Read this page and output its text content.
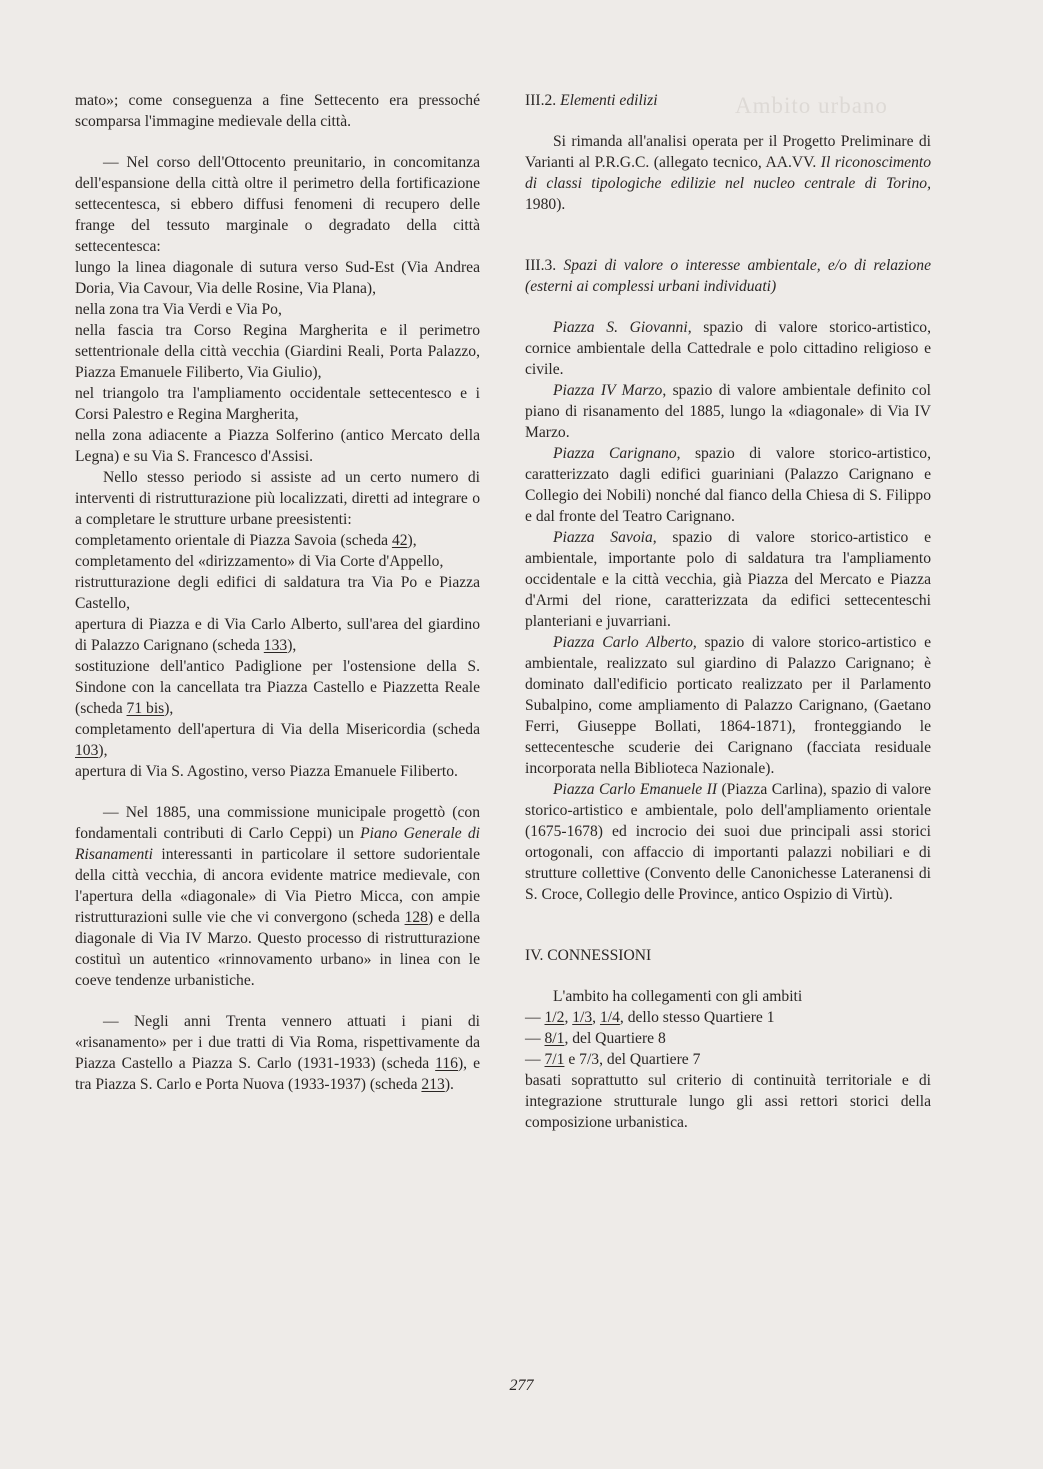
Ambito urbano

mato»; come conseguenza a fine Settecento era pressoché scomparsa l'immagine medievale della città.

— Nel corso dell'Ottocento preunitario, in concomitanza dell'espansione della città oltre il perimetro della fortificazione settecentesca, si ebbero diffusi fenomeni di recupero delle frange del tessuto marginale o degradato della città settecentesca:

lungo la linea diagonale di sutura verso Sud-Est (Via Andrea Doria, Via Cavour, Via delle Rosine, Via Plana),

nella zona tra Via Verdi e Via Po,

nella fascia tra Corso Regina Margherita e il perimetro settentrionale della città vecchia (Giardini Reali, Porta Palazzo, Piazza Emanuele Filiberto, Via Giulio),

nel triangolo tra l'ampliamento occidentale settecentesco e i Corsi Palestro e Regina Margherita,

nella zona adiacente a Piazza Solferino (antico Mercato della Legna) e su Via S. Francesco d'Assisi.

Nello stesso periodo si assiste ad un certo numero di interventi di ristrutturazione più localizzati, diretti ad integrare o a completare le strutture urbane preesistenti:

completamento orientale di Piazza Savoia (scheda 42),

completamento del «dirizzamento» di Via Corte d'Appello,

ristrutturazione degli edifici di saldatura tra Via Po e Piazza Castello,

apertura di Piazza e di Via Carlo Alberto, sull'area del giardino di Palazzo Carignano (scheda 133),

sostituzione dell'antico Padiglione per l'ostensione della S. Sindone con la cancellata tra Piazza Castello e Piazzetta Reale (scheda 71 bis),

completamento dell'apertura di Via della Misericordia (scheda 103),

apertura di Via S. Agostino, verso Piazza Emanuele Filiberto.

— Nel 1885, una commissione municipale progettò (con fondamentali contributi di Carlo Ceppi) un Piano Generale di Risanamenti interessanti in particolare il settore sudorientale della città vecchia, di ancora evidente matrice medievale, con l'apertura della «diagonale» di Via Pietro Micca, con ampie ristrutturazioni sulle vie che vi convergono (scheda 128) e della diagonale di Via IV Marzo. Questo processo di ristrutturazione costituì un autentico «rinnovamento urbano» in linea con le coeve tendenze urbanistiche.

— Negli anni Trenta vennero attuati i piani di «risanamento» per i due tratti di Via Roma, rispettivamente da Piazza Castello a Piazza S. Carlo (1931-1933) (scheda 116), e tra Piazza S. Carlo e Porta Nuova (1933-1937) (scheda 213).

III.2. Elementi edilizi

Si rimanda all'analisi operata per il Progetto Preliminare di Varianti al P.R.G.C. (allegato tecnico, AA.VV. Il riconoscimento di classi tipologiche edilizie nel nucleo centrale di Torino, 1980).

III.3. Spazi di valore o interesse ambientale, e/o di relazione (esterni ai complessi urbani individuati)

Piazza S. Giovanni, spazio di valore storico-artistico, cornice ambientale della Cattedrale e polo cittadino religioso e civile.

Piazza IV Marzo, spazio di valore ambientale definito col piano di risanamento del 1885, lungo la «diagonale» di Via IV Marzo.

Piazza Carignano, spazio di valore storico-artistico, caratterizzato dagli edifici guariniani (Palazzo Carignano e Collegio dei Nobili) nonché dal fianco della Chiesa di S. Filippo e dal fronte del Teatro Carignano.

Piazza Savoia, spazio di valore storico-artistico e ambientale, importante polo di saldatura tra l'ampliamento occidentale e la città vecchia, già Piazza del Mercato e Piazza d'Armi del rione, caratterizzata da edifici settecenteschi planteriani e juvarriani.

Piazza Carlo Alberto, spazio di valore storico-artistico e ambientale, realizzato sul giardino di Palazzo Carignano; è dominato dall'edificio porticato realizzato per il Parlamento Subalpino, come ampliamento di Palazzo Carignano, (Gaetano Ferri, Giuseppe Bollati, 1864-1871), fronteggiando le settecentesche scuderie dei Carignano (facciata residuale incorporata nella Biblioteca Nazionale).

Piazza Carlo Emanuele II (Piazza Carlina), spazio di valore storico-artistico e ambientale, polo dell'ampliamento orientale (1675-1678) ed incrocio dei suoi due principali assi storici ortogonali, con affaccio di importanti palazzi nobiliari e di strutture collettive (Convento delle Canonichesse Lateranensi di S. Croce, Collegio delle Province, antico Ospizio di Virtù).

IV. CONNESSIONI

L'ambito ha collegamenti con gli ambiti

— 1/2, 1/3, 1/4, dello stesso Quartiere 1

— 8/1, del Quartiere 8

— 7/1 e 7/3, del Quartiere 7

basati soprattutto sul criterio di continuità territoriale e di integrazione strutturale lungo gli assi rettori storici della composizione urbanistica.

277
